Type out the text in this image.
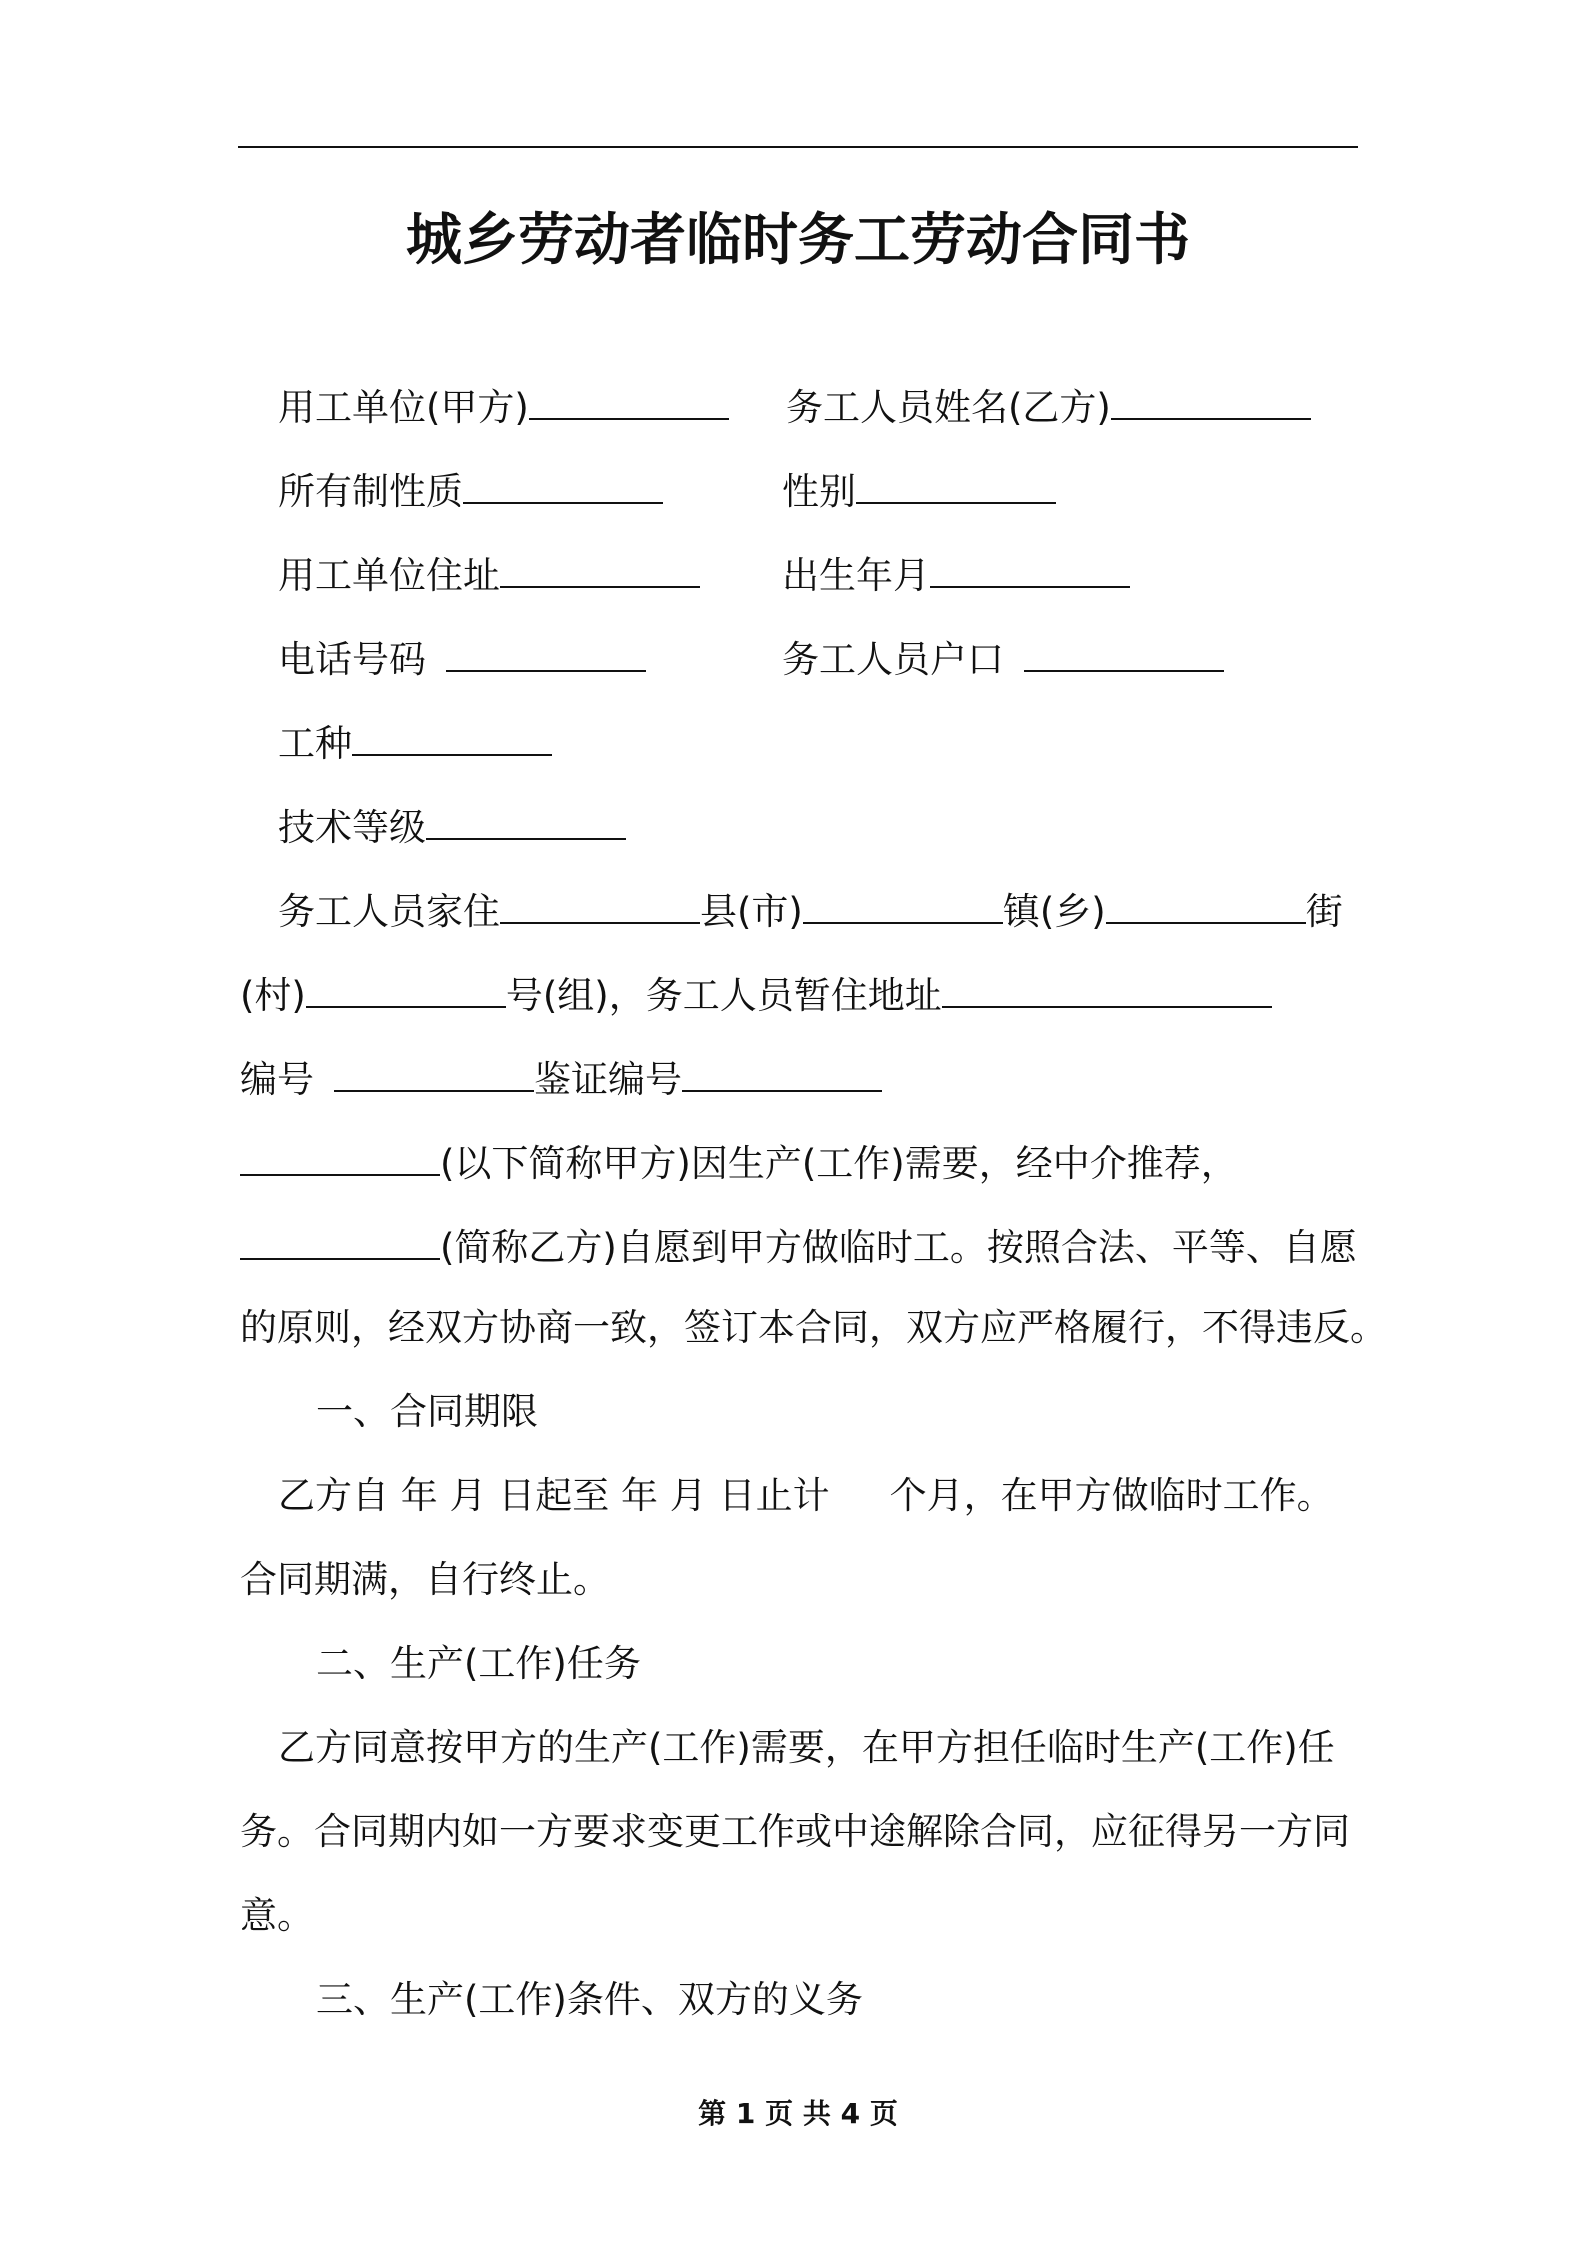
城乡劳动者临时务工劳动合同书
用工单位(甲方)	务工人员姓名(乙方)
所有制性质	性别
用工单位住址	出生年月
电话号码	务工人员户口
工种
技术等级
务工人员家住	县(市)	镇(乡)	街
(村)	号(组)，务工人员暂住地址
编号	鉴证编号
(以下简称甲方)因生产(工作)需要，经中介推荐，
(简称乙方)自愿到甲方做临时工。按照合法、平等、自愿
的原则，经双方协商一致，签订本合同，双方应严格履行，不得违反。
一、合同期限
乙方自 年 月 日起至 年 月 日止计 个月，在甲方做临时工作。
合同期满，自行终止。
二、生产(工作)任务
乙方同意按甲方的生产(工作)需要，在甲方担任临时生产(工作)任
务。合同期内如一方要求变更工作或中途解除合同，应征得另一方同
意。
三、生产(工作)条件、双方的义务
第 1 页 共 4 页
